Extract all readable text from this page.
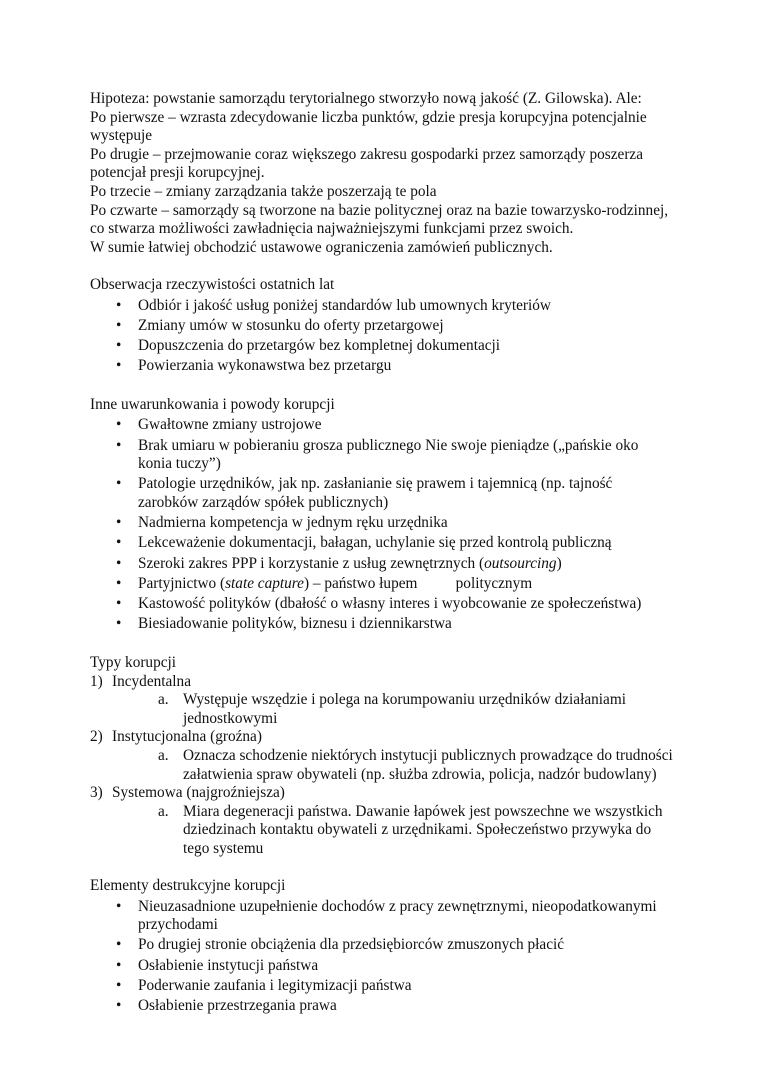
Hipoteza: powstanie samorządu terytorialnego stworzyło nową jakość (Z. Gilowska). Ale:

Po pierwsze – wzrasta zdecydowanie liczba punktów, gdzie presja korupcyjna potencjalnie występuje

Po drugie – przejmowanie coraz większego zakresu gospodarki przez samorządy poszerza potencjał presji korupcyjnej.

Po trzecie – zmiany zarządzania także poszerzają te pola

Po czwarte – samorządy są tworzone na bazie politycznej oraz na bazie towarzysko-rodzinnej, co stwarza możliwości zawładnięcia najważniejszymi funkcjami przez swoich.

W sumie łatwiej obchodzić ustawowe ograniczenia zamówień publicznych.

Obserwacja rzeczywistości ostatnich lat

• Odbiór i jakość usług poniżej standardów lub umownych kryteriów
• Zmiany umów w stosunku do oferty przetargowej
• Dopuszczenia do przetargów bez kompletnej dokumentacji
• Powierzania wykonawstwa bez przetargu

Inne uwarunkowania i powody korupcji

• Gwałtowne zmiany ustrojowe
• Brak umiaru w pobieraniu grosza publicznego Nie swoje pieniądze („pańskie oko konia tuczy”)
• Patologie urzędników, jak np. zasłanianie się prawem i tajemnicą (np. tajność zarobków zarządów spółek publicznych)
• Nadmierna kompetencja w jednym ręku urzędnika
• Lekceważenie dokumentacji, bałagan, uchylanie się przed kontrolą publiczną
• Szeroki zakres PPP i korzystanie z usług zewnętrznych (outsourcing)
• Partyjnictwo (state capture) – państwo łupem          politycznym
• Kastowość polityków (dbałość o własny interes i wyobcowanie ze społeczeństwa)
• Biesiadowanie polityków, biznesu i dziennikarstwa

Typy korupcji

1) Incydentalna
a. Występuje wszędzie i polega na korumpowaniu urzędników działaniami jednostkowymi
2) Instytucjonalna (groźna)
a. Oznacza schodzenie niektórych instytucji publicznych prowadzące do trudności załatwienia spraw obywateli (np. służba zdrowia, policja, nadzór budowlany)
3) Systemowa (najgroźniejsza)
a. Miara degeneracji państwa. Dawanie łapówek jest powszechne we wszystkich dziedzinach kontaktu obywateli z urzędnikami. Społeczeństwo przywyka do tego systemu

Elementy destrukcyjne korupcji

• Nieuzasadnione uzupełnienie dochodów z pracy zewnętrznymi, nieopodatkowanymi przychodami
• Po drugiej stronie obciążenia dla przedsiębiorców zmuszonych płacić
• Osłabienie instytucji państwa
• Poderwanie zaufania i legitymizacji państwa
• Osłabienie przestrzegania prawa
